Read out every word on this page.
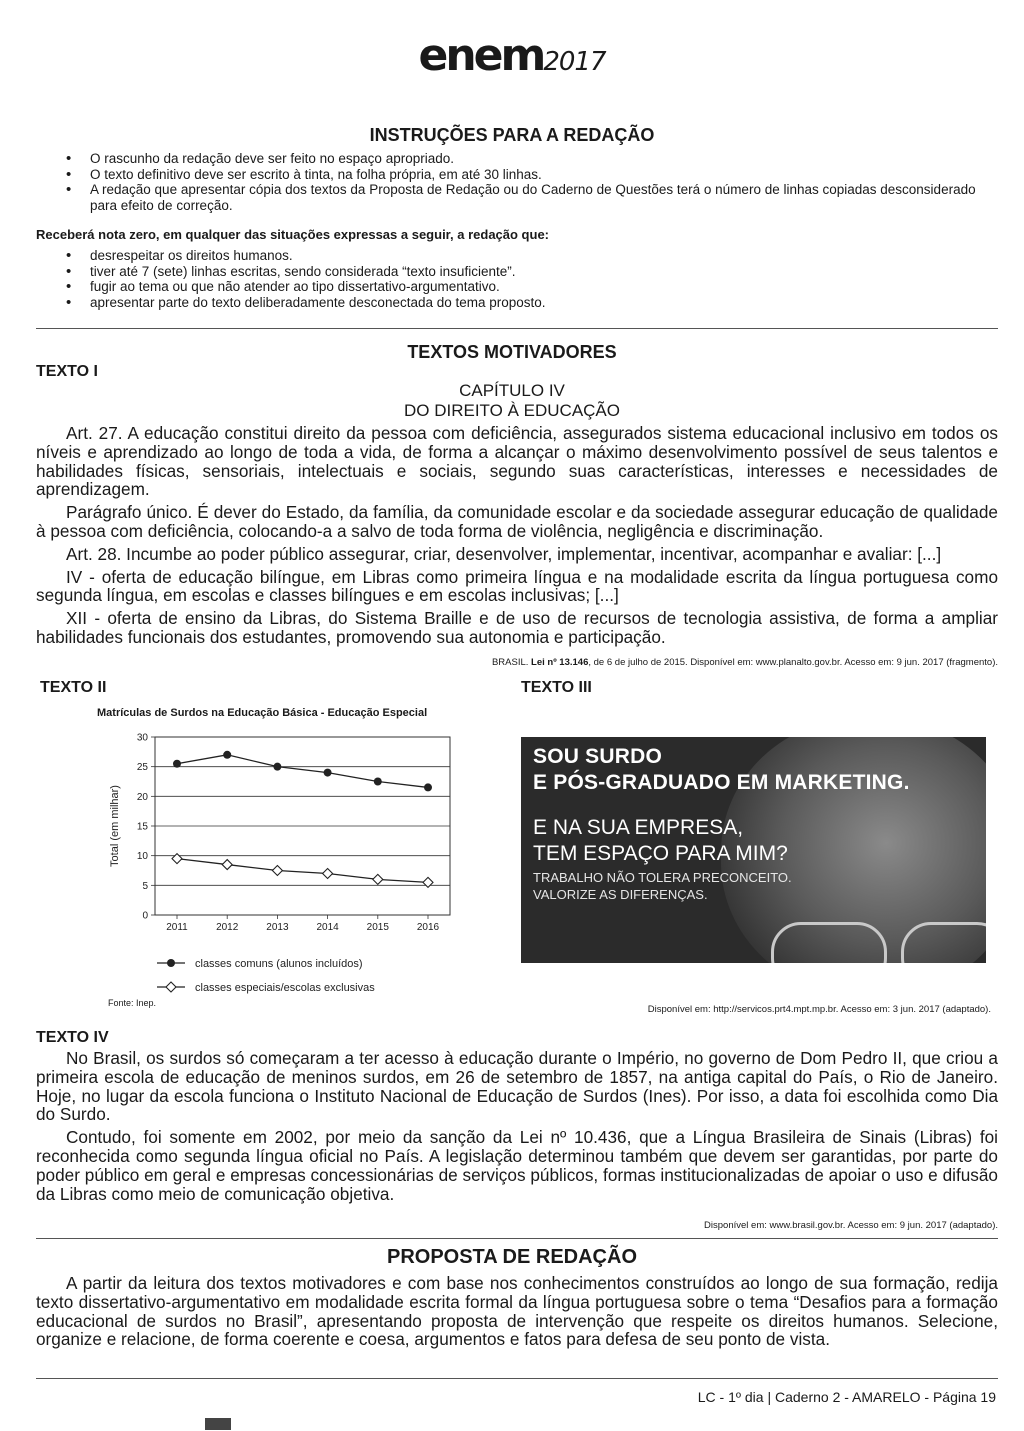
enem2017
INSTRUÇÕES PARA A REDAÇÃO
• O rascunho da redação deve ser feito no espaço apropriado.
• O texto definitivo deve ser escrito à tinta, na folha própria, em até 30 linhas.
• A redação que apresentar cópia dos textos da Proposta de Redação ou do Caderno de Questões terá o número de linhas copiadas desconsiderado para efeito de correção.
Receberá nota zero, em qualquer das situações expressas a seguir, a redação que:
• desrespeitar os direitos humanos.
• tiver até 7 (sete) linhas escritas, sendo considerada “texto insuficiente”.
• fugir ao tema ou que não atender ao tipo dissertativo-argumentativo.
• apresentar parte do texto deliberadamente desconectada do tema proposto.
TEXTOS MOTIVADORES
TEXTO I
CAPÍTULO IV
DO DIREITO À EDUCAÇÃO

Art. 27. A educação constitui direito da pessoa com deficiência, assegurados sistema educacional inclusivo em todos os níveis e aprendizado ao longo de toda a vida, de forma a alcançar o máximo desenvolvimento possível de seus talentos e habilidades físicas, sensoriais, intelectuais e sociais, segundo suas características, interesses e necessidades de aprendizagem.

Parágrafo único. É dever do Estado, da família, da comunidade escolar e da sociedade assegurar educação de qualidade à pessoa com deficiência, colocando-a a salvo de toda forma de violência, negligência e discriminação.

Art. 28. Incumbe ao poder público assegurar, criar, desenvolver, implementar, incentivar, acompanhar e avaliar: [...]

IV - oferta de educação bilíngue, em Libras como primeira língua e na modalidade escrita da língua portuguesa como segunda língua, em escolas e classes bilíngues e em escolas inclusivas; [...]

XII - oferta de ensino da Libras, do Sistema Braille e de uso de recursos de tecnologia assistiva, de forma a ampliar habilidades funcionais dos estudantes, promovendo sua autonomia e participação.

BRASIL. Lei nº 13.146, de 6 de julho de 2015. Disponível em: www.planalto.gov.br. Acesso em: 9 jun. 2017 (fragmento).
TEXTO II
Matrículas de Surdos na Educação Básica - Educação Especial
0
5
10
15
20
25
30
2011	2012	2013	2014	2015	2016
Total (em milhar)
classes comuns (alunos incluídos)
classes especiais/escolas exclusivas
Fonte: Inep.
TEXTO III
SOU SURDO
E PÓS-GRADUADO EM MARKETING.
E NA SUA EMPRESA,
TEM ESPAÇO PARA MIM?
TRABALHO NÃO TOLERA PRECONCEITO.
VALORIZE AS DIFERENÇAS.
Disponível em: http://servicos.prt4.mpt.mp.br. Acesso em: 3 jun. 2017 (adaptado).
TEXTO IV

No Brasil, os surdos só começaram a ter acesso à educação durante o Império, no governo de Dom Pedro II, que criou a primeira escola de educação de meninos surdos, em 26 de setembro de 1857, na antiga capital do País, o Rio de Janeiro. Hoje, no lugar da escola funciona o Instituto Nacional de Educação de Surdos (Ines). Por isso, a data foi escolhida como Dia do Surdo.

Contudo, foi somente em 2002, por meio da sanção da Lei nº 10.436, que a Língua Brasileira de Sinais (Libras) foi reconhecida como segunda língua oficial no País. A legislação determinou também que devem ser garantidas, por parte do poder público em geral e empresas concessionárias de serviços públicos, formas institucionalizadas de apoiar o uso e difusão da Libras como meio de comunicação objetiva.

Disponível em: www.brasil.gov.br. Acesso em: 9 jun. 2017 (adaptado).
PROPOSTA DE REDAÇÃO

A partir da leitura dos textos motivadores e com base nos conhecimentos construídos ao longo de sua formação, redija texto dissertativo-argumentativo em modalidade escrita formal da língua portuguesa sobre o tema “Desafios para a formação educacional de surdos no Brasil”, apresentando proposta de intervenção que respeite os direitos humanos. Selecione, organize e relacione, de forma coerente e coesa, argumentos e fatos para defesa de seu ponto de vista.

LC - 1º dia | Caderno 2 - AMARELO - Página 19
